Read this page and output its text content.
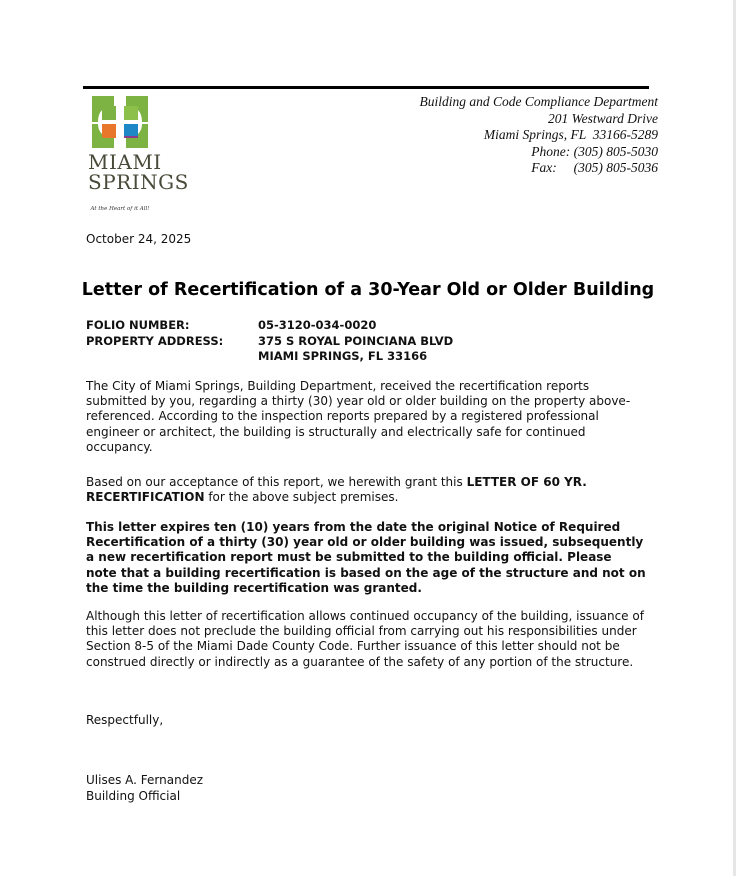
MIAMI
SPRINGS
At the Heart of it All!
Building and Code Compliance Department
201 Westward Drive
Miami Springs, FL  33166-5289
Phone: (305) 805-5030
Fax:     (305) 805-5036
October 24, 2025
Letter of Recertification of a 30-Year Old or Older Building
FOLIO NUMBER:	05-3120-034-0020
PROPERTY ADDRESS:	375 S ROYAL POINCIANA BLVD
MIAMI SPRINGS, FL 33166
The City of Miami Springs, Building Department, received the recertification reports submitted by you, regarding a thirty (30) year old or older building on the property above-referenced. According to the inspection reports prepared by a registered professional engineer or architect, the building is structurally and electrically safe for continued occupancy.
Based on our acceptance of this report, we herewith grant this LETTER OF 60 YR. RECERTIFICATION for the above subject premises.
This letter expires ten (10) years from the date the original Notice of Required Recertification of a thirty (30) year old or older building was issued, subsequently a new recertification report must be submitted to the building official. Please note that a building recertification is based on the age of the structure and not on the time the building recertification was granted.
Although this letter of recertification allows continued occupancy of the building, issuance of this letter does not preclude the building official from carrying out his responsibilities under Section 8-5 of the Miami Dade County Code. Further issuance of this letter should not be construed directly or indirectly as a guarantee of the safety of any portion of the structure.
Respectfully,
Ulises A. Fernandez
Building Official
